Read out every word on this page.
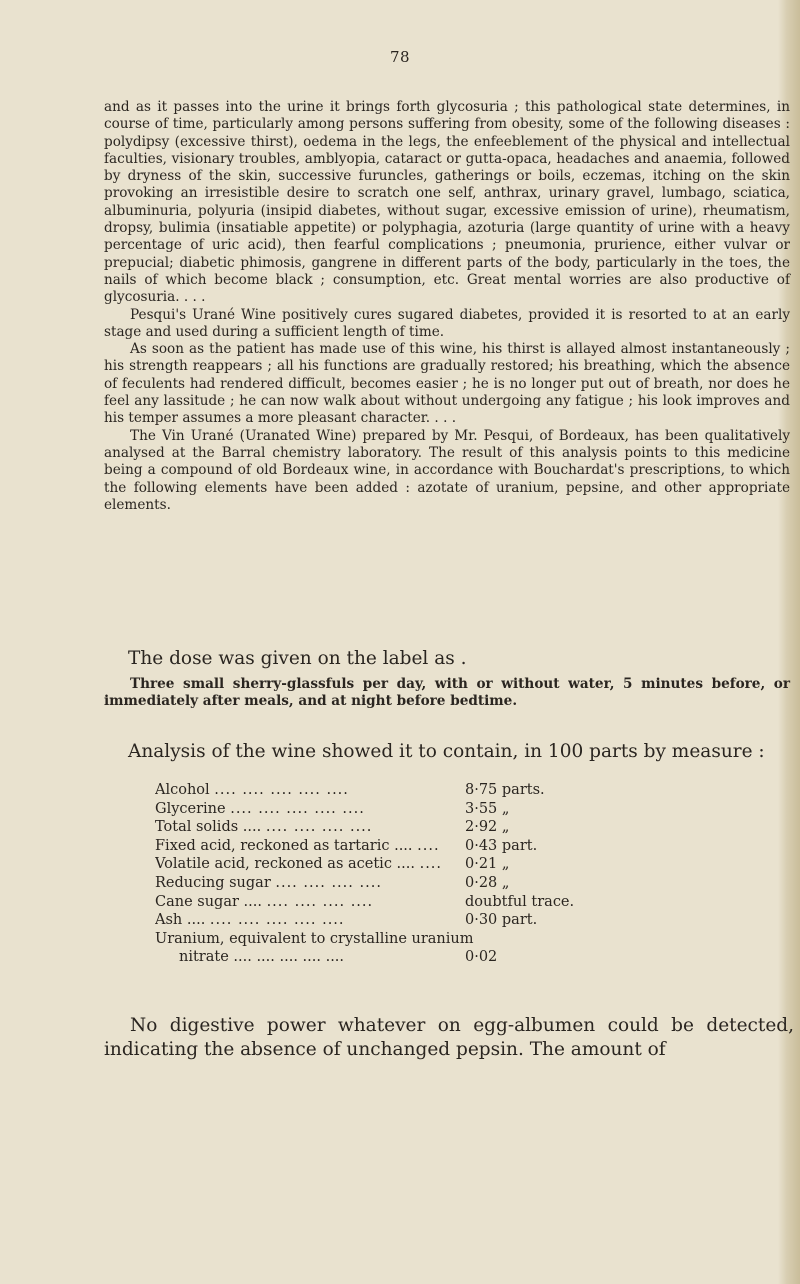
78

and as it passes into the urine it brings forth glycosuria ; this pathological state determines, in course of time, particularly among persons suffering from obesity, some of the following diseases : polydipsy (excessive thirst), oedema in the legs, the enfeeblement of the physical and intellectual faculties, visionary troubles, amblyopia, cataract or gutta-opaca, headaches and anaemia, followed by dryness of the skin, successive furuncles, gatherings or boils, eczemas, itching on the skin provoking an irresistible desire to scratch one self, anthrax, urinary gravel, lumbago, sciatica, albuminuria, polyuria (insipid diabetes, without sugar, excessive emission of urine), rheumatism, dropsy, bulimia (insatiable appetite) or polyphagia, azoturia (large quantity of urine with a heavy percentage of uric acid), then fearful complications ; pneumonia, prurience, either vulvar or prepucial; diabetic phimosis, gangrene in different parts of the body, particularly in the toes, the nails of which become black ; consumption, etc. Great mental worries are also productive of glycosuria. . . .

Pesqui's Urané Wine positively cures sugared diabetes, provided it is resorted to at an early stage and used during a sufficient length of time.

As soon as the patient has made use of this wine, his thirst is allayed almost instantaneously ; his strength reappears ; all his functions are gradually restored; his breathing, which the absence of feculents had rendered difficult, becomes easier ; he is no longer put out of breath, nor does he feel any lassitude ; he can now walk about without undergoing any fatigue ; his look improves and his temper assumes a more pleasant character. . . .

The Vin Urané (Uranated Wine) prepared by Mr. Pesqui, of Bordeaux, has been qualitatively analysed at the Barral chemistry laboratory. The result of this analysis points to this medicine being a compound of old Bordeaux wine, in accordance with Bouchardat's prescriptions, to which the following elements have been added : azotate of uranium, pepsine, and other appropriate elements.

The dose was given on the label as .

Three small sherry-glassfuls per day, with or without water, 5 minutes before, or immediately after meals, and at night before bedtime.

Analysis of the wine showed it to contain, in 100 parts by measure :
Alcohol .... .... .... .... ....	8·75 parts.
Glycerine .... .... .... .... ....	3·55 „
Total solids .... .... .... .... ....	2·92 „
Fixed acid, reckoned as tartaric .... ....	0·43 part.
Volatile acid, reckoned as acetic .... ....	0·21 „
Reducing sugar .... .... .... ....	0·28 „
Cane sugar .... .... .... .... ....	doubtful trace.
Ash .... .... .... .... .... ....	0·30 part.
Uranium, equivalent to crystalline uranium
nitrate .... .... .... .... ....
	0·02

No digestive power whatever on egg-albumen could be detected, indicating the absence of unchanged pepsin. The amount of
